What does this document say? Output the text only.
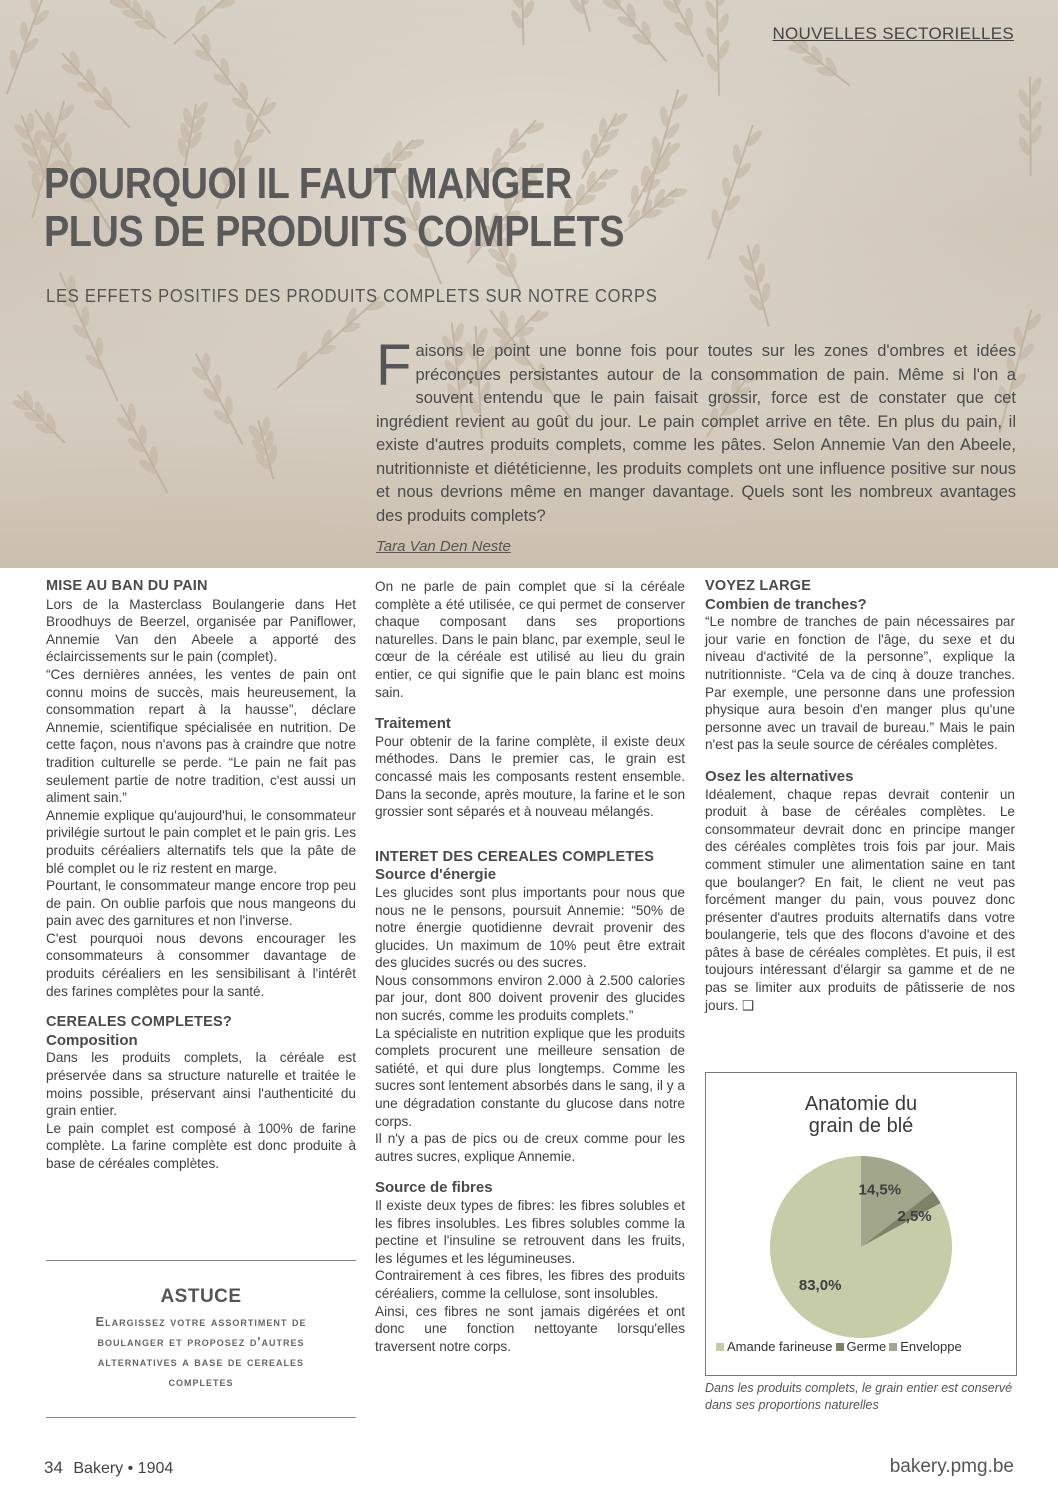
NOUVELLES SECTORIELLES
POURQUOI IL FAUT MANGER
PLUS DE PRODUITS COMPLETS
LES EFFETS POSITIFS DES PRODUITS COMPLETS SUR NOTRE CORPS
Faisons le point une bonne fois pour toutes sur les zones d'ombres et idées préconçues persistantes autour de la consommation de pain. Même si l'on a souvent entendu que le pain faisait grossir, force est de constater que cet ingrédient revient au goût du jour. Le pain complet arrive en tête. En plus du pain, il existe d'autres produits complets, comme les pâtes. Selon Annemie Van den Abeele, nutritionniste et diététicienne, les produits complets ont une influence positive sur nous et nous devrions même en manger davantage. Quels sont les nombreux avantages des produits complets?
Tara Van Den Neste

MISE AU BAN DU PAIN

Lors de la Masterclass Boulangerie dans Het Broodhuys de Beerzel, organisée par Paniflower, Annemie Van den Abeele a apporté des éclaircissements sur le pain (complet).

“Ces dernières années, les ventes de pain ont connu moins de succès, mais heureusement, la consommation repart à la hausse”, déclare Annemie, scientifique spécialisée en nutrition. De cette façon, nous n'avons pas à craindre que notre tradition culturelle se perde. “Le pain ne fait pas seulement partie de notre tradition, c'est aussi un aliment sain.”

Annemie explique qu'aujourd'hui, le consommateur privilégie surtout le pain complet et le pain gris. Les produits céréaliers alternatifs tels que la pâte de blé complet ou le riz restent en marge.

Pourtant, le consommateur mange encore trop peu de pain. On oublie parfois que nous mangeons du pain avec des garnitures et non l'inverse.

C'est pourquoi nous devons encourager les consommateurs à consommer davantage de produits céréaliers en les sensibilisant à l'intérêt des farines complètes pour la santé.

CEREALES COMPLETES?

Composition

Dans les produits complets, la céréale est préservée dans sa structure naturelle et traitée le moins possible, préservant ainsi l'authenticité du grain entier.

Le pain complet est composé à 100% de farine complète. La farine complète est donc produite à base de céréales complètes.

ASTUCE
Elargissez votre assortiment de boulanger et proposez d'autres alternatives a base de cereales completes

On ne parle de pain complet que si la céréale complète a été utilisée, ce qui permet de conserver chaque composant dans ses proportions naturelles. Dans le pain blanc, par exemple, seul le cœur de la céréale est utilisé au lieu du grain entier, ce qui signifie que le pain blanc est moins sain.

Traitement

Pour obtenir de la farine complète, il existe deux méthodes. Dans le premier cas, le grain est concassé mais les composants restent ensemble. Dans la seconde, après mouture, la farine et le son grossier sont séparés et à nouveau mélangés.

INTERET DES CEREALES COMPLETES

Source d'énergie

Les glucides sont plus importants pour nous que nous ne le pensons, poursuit Annemie: “50% de notre énergie quotidienne devrait provenir des glucides. Un maximum de 10% peut être extrait des glucides sucrés ou des sucres.

Nous consommons environ 2.000 à 2.500 calories par jour, dont 800 doivent provenir des glucides non sucrés, comme les produits complets.”

La spécialiste en nutrition explique que les produits complets procurent une meilleure sensation de satiété, et qui dure plus longtemps. Comme les sucres sont lentement absorbés dans le sang, il y a une dégradation constante du glucose dans notre corps.

Il n'y a pas de pics ou de creux comme pour les autres sucres, explique Annemie.

Source de fibres

Il existe deux types de fibres: les fibres solubles et les fibres insolubles. Les fibres solubles comme la pectine et l'insuline se retrouvent dans les fruits, les légumes et les légumineuses.

Contrairement à ces fibres, les fibres des produits céréaliers, comme la cellulose, sont insolubles.

Ainsi, ces fibres ne sont jamais digérées et ont donc une fonction nettoyante lorsqu'elles traversent notre corps.

VOYEZ LARGE

Combien de tranches?

“Le nombre de tranches de pain nécessaires par jour varie en fonction de l'âge, du sexe et du niveau d'activité de la personne”, explique la nutritionniste. “Cela va de cinq à douze tranches. Par exemple, une personne dans une profession physique aura besoin d'en manger plus qu'une personne avec un travail de bureau.” Mais le pain n'est pas la seule source de céréales complètes.

Osez les alternatives

Idéalement, chaque repas devrait contenir un produit à base de céréales complètes. Le consommateur devrait donc en principe manger des céréales complètes trois fois par jour. Mais comment stimuler une alimentation saine en tant que boulanger? En fait, le client ne veut pas forcément manger du pain, vous pouvez donc présenter d'autres produits alternatifs dans votre boulangerie, tels que des flocons d'avoine et des pâtes à base de céréales complètes. Et puis, il est toujours intéressant d'élargir sa gamme et de ne pas se limiter aux produits de pâtisserie de nos jours. ❑

Anatomie du grain de blé
83,0%
2,5%
14,5%
Amande farineuse Germe Enveloppe
Dans les produits complets, le grain entier est conservé dans ses proportions naturelles
34 Bakery • 1904	bakery.pmg.be
